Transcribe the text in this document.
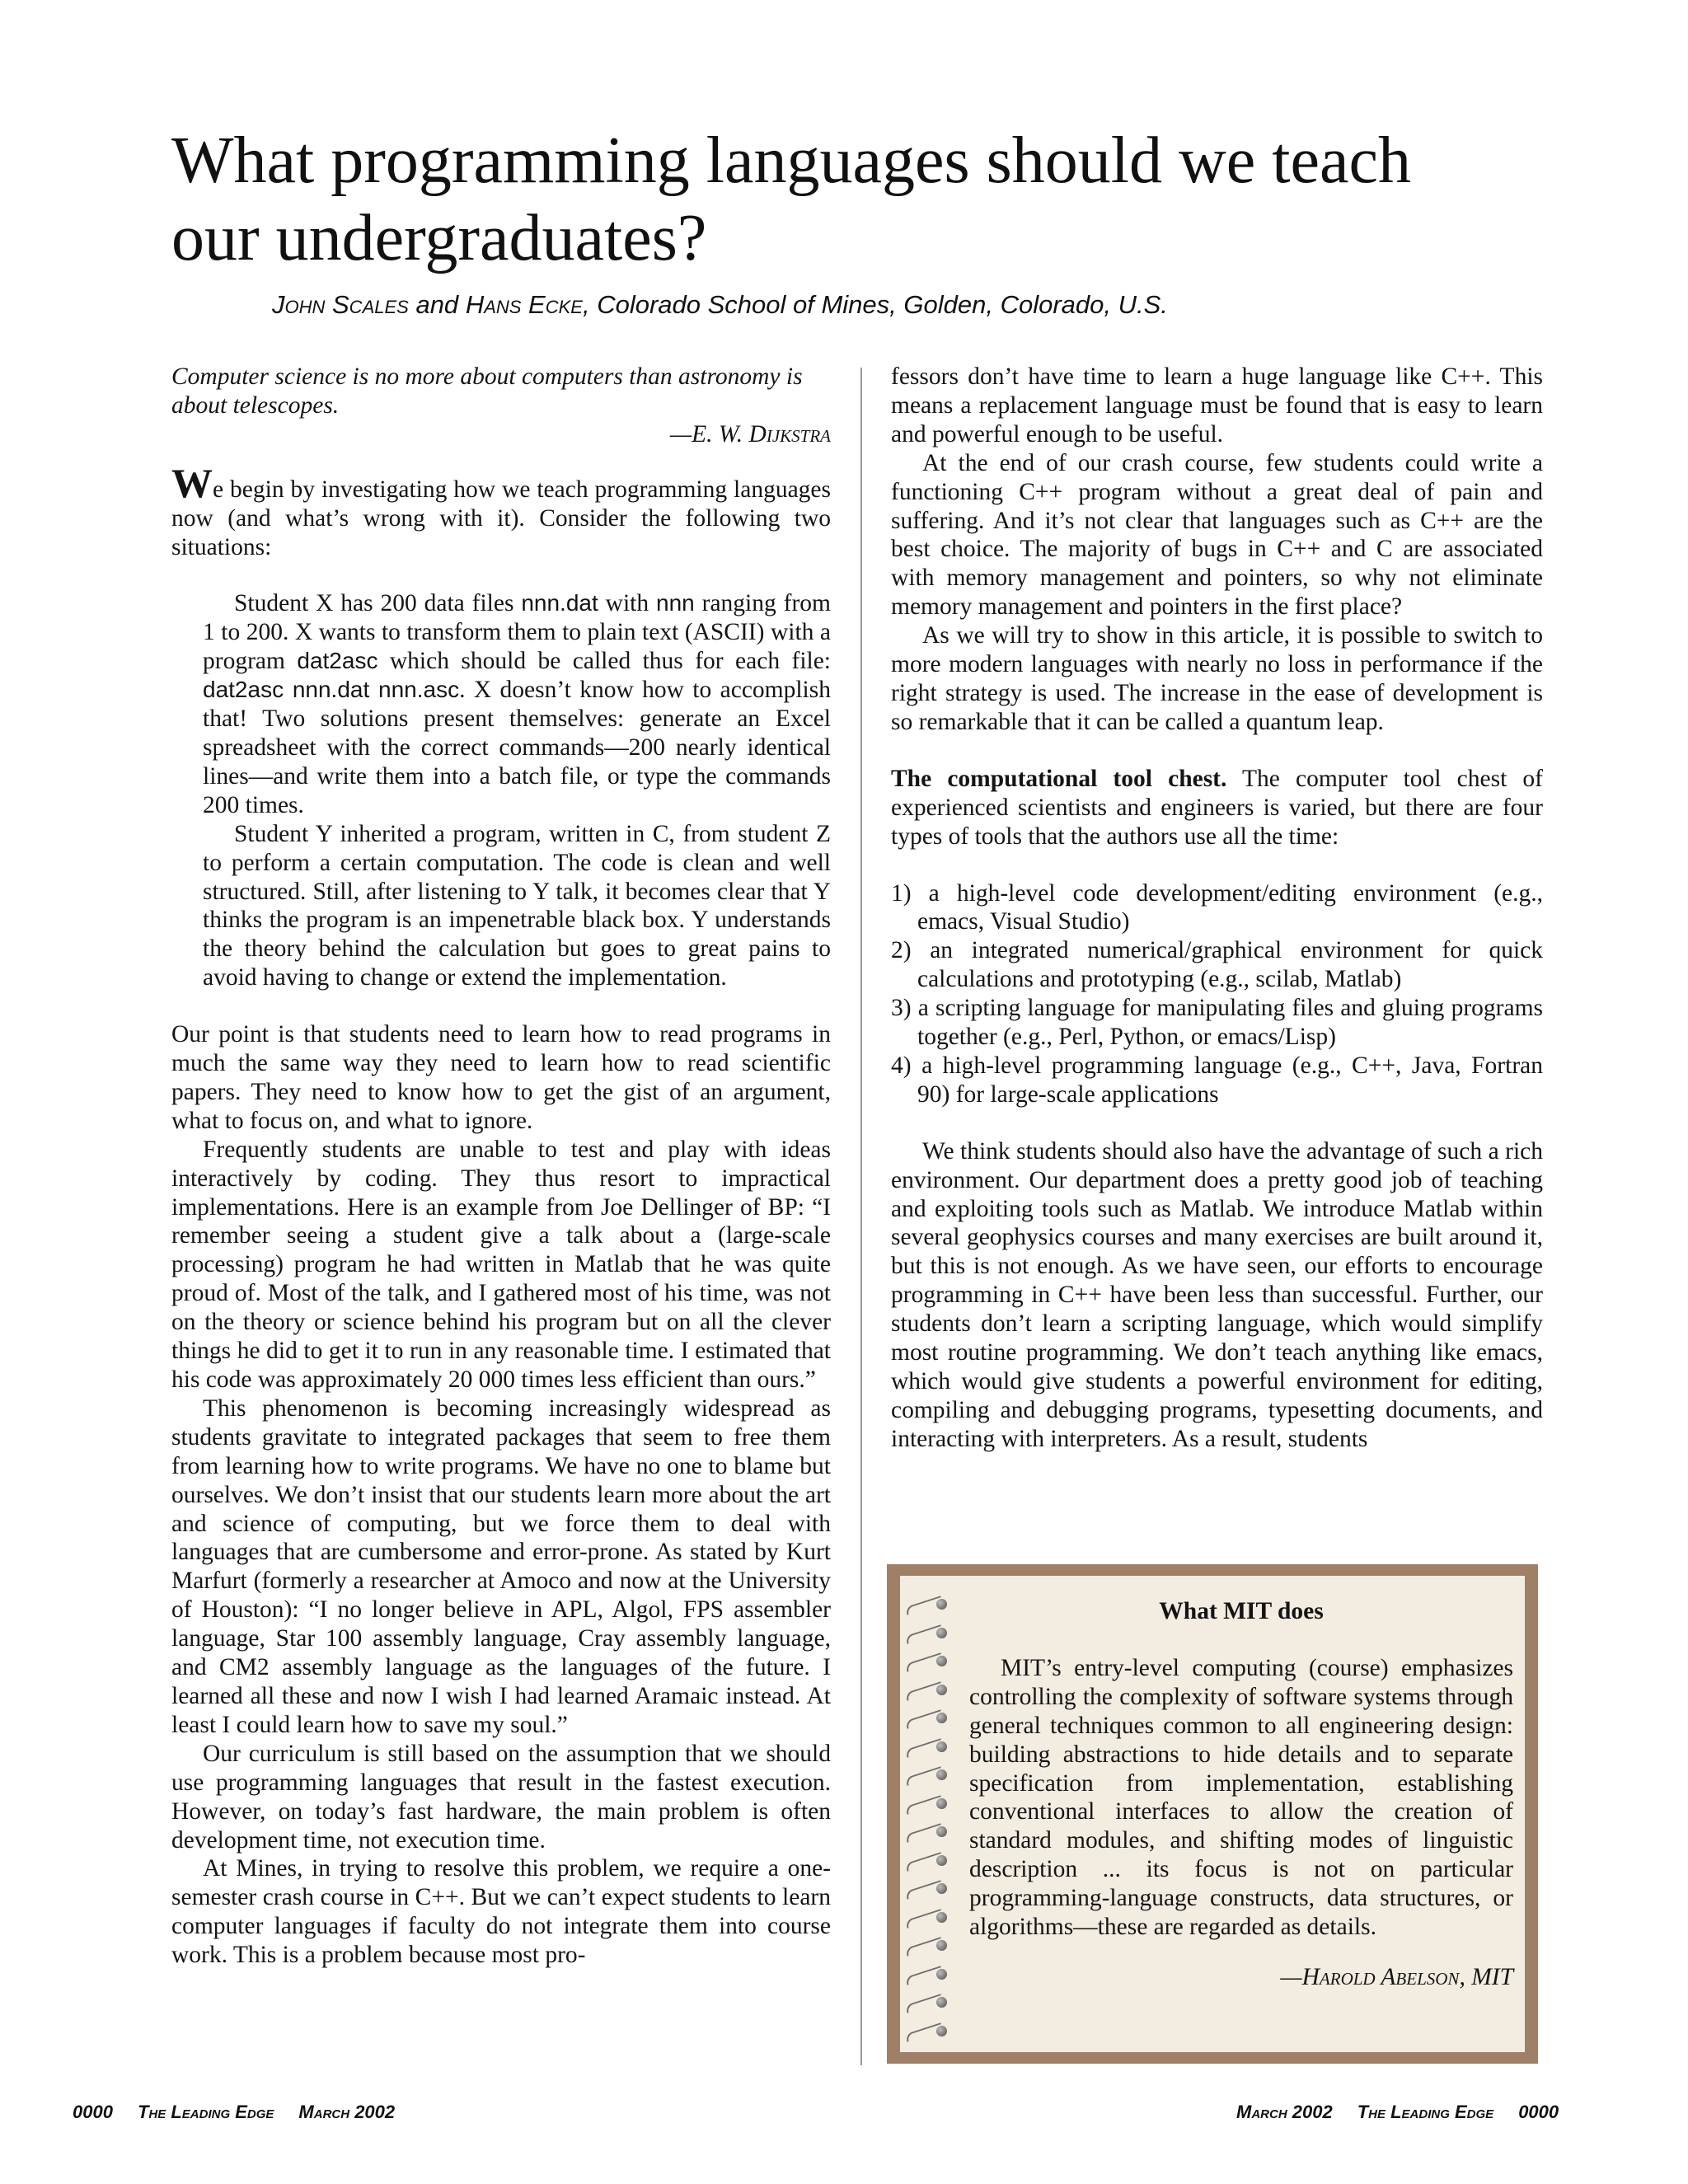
What programming languages should we teach our undergraduates?
John Scales and Hans Ecke, Colorado School of Mines, Golden, Colorado, U.S.

Computer science is no more about computers than astronomy is about telescopes.

—E. W. Dijkstra

We begin by investigating how we teach programming languages now (and what’s wrong with it). Consider the following two situations:

Student X has 200 data files nnn.dat with nnn ranging from 1 to 200. X wants to transform them to plain text (ASCII) with a program dat2asc which should be called thus for each file: dat2asc nnn.dat nnn.asc. X doesn’t know how to accomplish that! Two solutions present themselves: generate an Excel spreadsheet with the correct commands—200 nearly identical lines—and write them into a batch file, or type the commands 200 times.

Student Y inherited a program, written in C, from student Z to perform a certain computation. The code is clean and well structured. Still, after listening to Y talk, it becomes clear that Y thinks the program is an impenetrable black box. Y understands the theory behind the calculation but goes to great pains to avoid having to change or extend the implementation.

Our point is that students need to learn how to read programs in much the same way they need to learn how to read scientific papers. They need to know how to get the gist of an argument, what to focus on, and what to ignore.

Frequently students are unable to test and play with ideas interactively by coding. They thus resort to impractical implementations. Here is an example from Joe Dellinger of BP: “I remember seeing a student give a talk about a (large-scale processing) program he had written in Matlab that he was quite proud of. Most of the talk, and I gathered most of his time, was not on the theory or science behind his program but on all the clever things he did to get it to run in any reasonable time. I estimated that his code was approximately 20 000 times less efficient than ours.”

This phenomenon is becoming increasingly widespread as students gravitate to integrated packages that seem to free them from learning how to write programs. We have no one to blame but ourselves. We don’t insist that our students learn more about the art and science of computing, but we force them to deal with languages that are cumbersome and error-prone. As stated by Kurt Marfurt (formerly a researcher at Amoco and now at the University of Houston): “I no longer believe in APL, Algol, FPS assembler language, Star 100 assembly language, Cray assembly language, and CM2 assembly language as the languages of the future. I learned all these and now I wish I had learned Aramaic instead. At least I could learn how to save my soul.”

Our curriculum is still based on the assumption that we should use programming languages that result in the fastest execution. However, on today’s fast hardware, the main problem is often development time, not execution time.

At Mines, in trying to resolve this problem, we require a one-semester crash course in C++. But we can’t expect students to learn computer languages if faculty do not integrate them into course work. This is a problem because most pro-

fessors don’t have time to learn a huge language like C++. This means a replacement language must be found that is easy to learn and powerful enough to be useful.

At the end of our crash course, few students could write a functioning C++ program without a great deal of pain and suffering. And it’s not clear that languages such as C++ are the best choice. The majority of bugs in C++ and C are associated with memory management and pointers, so why not eliminate memory management and pointers in the first place?

As we will try to show in this article, it is possible to switch to more modern languages with nearly no loss in performance if the right strategy is used. The increase in the ease of development is so remarkable that it can be called a quantum leap.

The computational tool chest. The computer tool chest of experienced scientists and engineers is varied, but there are four types of tools that the authors use all the time:

1) a high-level code development/editing environment (e.g., emacs, Visual Studio)
2) an integrated numerical/graphical environment for quick calculations and prototyping (e.g., scilab, Matlab)
3) a scripting language for manipulating files and gluing programs together (e.g., Perl, Python, or emacs/Lisp)
4) a high-level programming language (e.g., C++, Java, Fortran 90) for large-scale applications

We think students should also have the advantage of such a rich environment. Our department does a pretty good job of teaching and exploiting tools such as Matlab. We introduce Matlab within several geophysics courses and many exercises are built around it, but this is not enough. As we have seen, our efforts to encourage programming in C++ have been less than successful. Further, our students don’t learn a scripting language, which would simplify most routine programming. We don’t teach anything like emacs, which would give students a powerful environment for editing, compiling and debugging programs, typesetting documents, and interacting with interpreters. As a result, students

What MIT does

MIT’s entry-level computing (course) emphasizes controlling the complexity of software systems through general techniques common to all engineering design: building abstractions to hide details and to separate specification from implementation, establishing conventional interfaces to allow the creation of standard modules, and shifting modes of linguistic description ... its focus is not on particular programming-language constructs, data structures, or algorithms—these are regarded as details.

—Harold Abelson, MIT

0000 The Leading Edge March 2002	March 2002 The Leading Edge 0000
